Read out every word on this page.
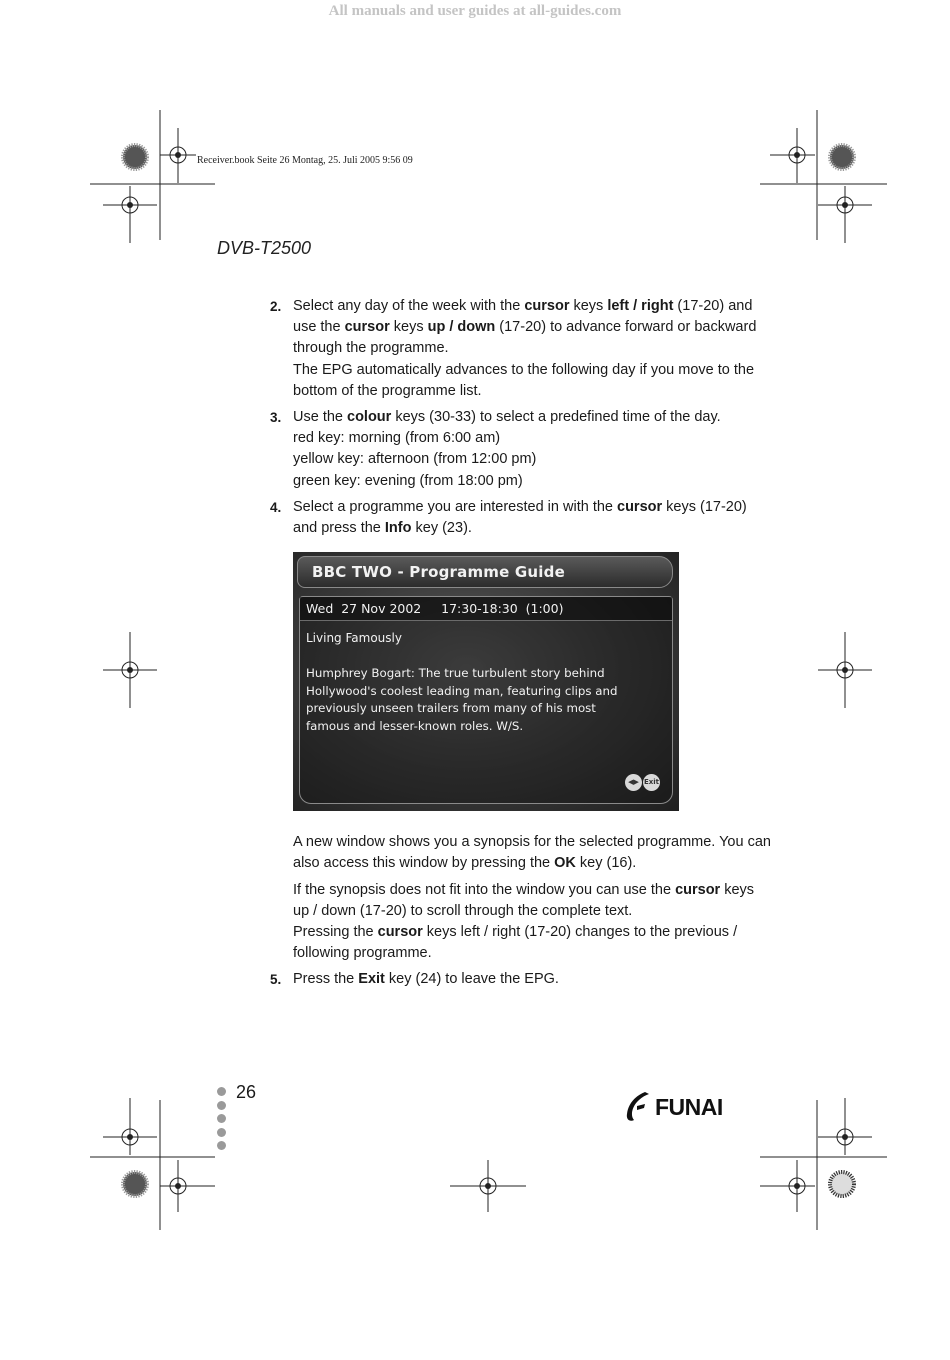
All manuals and user guides at all-guides.com
Receiver.book Seite 26 Montag, 25. Juli 2005 9:56 09
DVB-T2500
2. Select any day of the week with the cursor keys left / right (17-20) and
use the cursor keys up / down (17-20) to advance forward or backward
through the programme.
The EPG automatically advances to the following day if you move to the
bottom of the programme list.
3. Use the colour keys (30-33) to select a predefined time of the day.
red key: morning (from 6:00 am)
yellow key: afternoon (from 12:00 pm)
green key: evening (from 18:00 pm)
4. Select a programme you are interested in with the cursor keys (17-20)
and press the Info key (23).
A new window shows you a synopsis for the selected programme. You can
also access this window by pressing the OK key (16).
If the synopsis does not fit into the window you can use the cursor keys
up / down (17-20) to scroll through the complete text.
Pressing the cursor keys left / right (17-20) changes to the previous /
following programme.
5. Press the Exit key (24) to leave the EPG.
BBC TWO - Programme Guide
Wed  27 Nov 2002     17:30-18:30  (1:00)
Living Famously
Humphrey Bogart: The true turbulent story behind
Hollywood's coolest leading man, featuring clips and
previously unseen trailers from many of his most
famous and lesser-known roles. W/S.
◀▶ Exit
26
FUNAI
